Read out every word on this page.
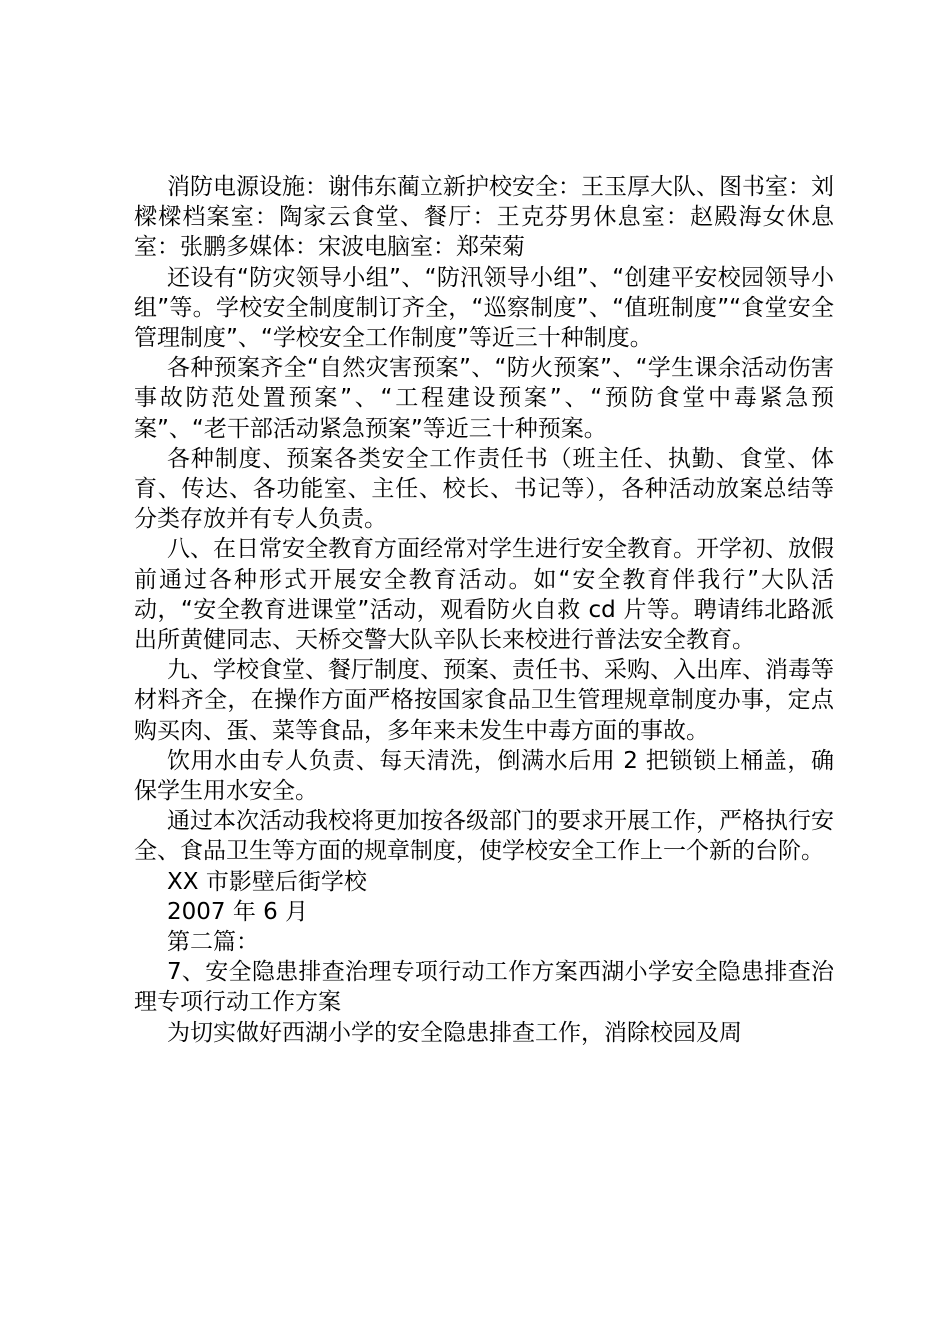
消防电源设施：谢伟东蔺立新护校安全：王玉厚大队、图书室：刘樑樑档案室：陶家云食堂、餐厅：王克芬男休息室：赵殿海女休息室：张鹏多媒体：宋波电脑室：郑荣菊

还设有“防灾领导小组”、“防汛领导小组”、“创建平安校园领导小组”等。学校安全制度制订齐全，“巡察制度”、“值班制度”“食堂安全管理制度”、“学校安全工作制度”等近三十种制度。

各种预案齐全“自然灾害预案”、“防火预案”、“学生课余活动伤害事故防范处置预案”、“工程建设预案”、“预防食堂中毒紧急预案”、“老干部活动紧急预案”等近三十种预案。

各种制度、预案各类安全工作责任书（班主任、执勤、食堂、体育、传达、各功能室、主任、校长、书记等），各种活动放案总结等分类存放并有专人负责。

八、在日常安全教育方面经常对学生进行安全教育。开学初、放假前通过各种形式开展安全教育活动。如“安全教育伴我行”大队活动，“安全教育进课堂”活动，观看防火自救 cd 片等。聘请纬北路派出所黄健同志、天桥交警大队辛队长来校进行普法安全教育。

九、学校食堂、餐厅制度、预案、责任书、采购、入出库、消毒等材料齐全，在操作方面严格按国家食品卫生管理规章制度办事，定点购买肉、蛋、菜等食品，多年来未发生中毒方面的事故。

饮用水由专人负责、每天清洗，倒满水后用 2 把锁锁上桶盖，确保学生用水安全。

通过本次活动我校将更加按各级部门的要求开展工作，严格执行安全、食品卫生等方面的规章制度，使学校安全工作上一个新的台阶。

XX 市影壁后街学校

2007 年 6 月

第二篇：

7、安全隐患排查治理专项行动工作方案西湖小学安全隐患排查治理专项行动工作方案

为切实做好西湖小学的安全隐患排查工作，消除校园及周
